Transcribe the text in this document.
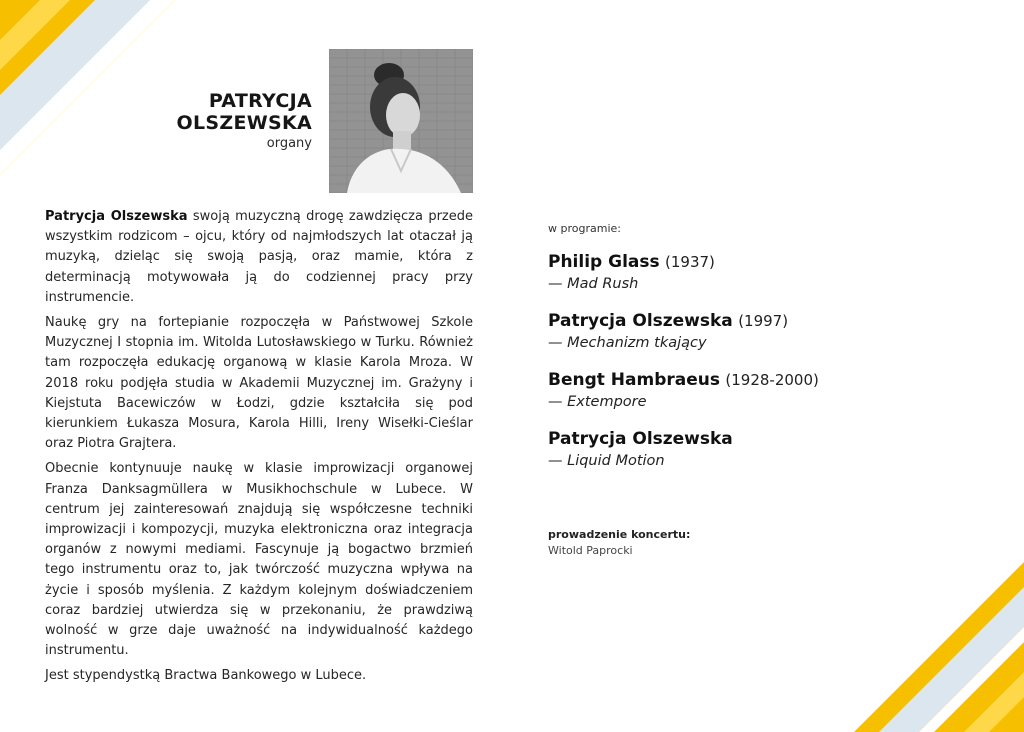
PATRYCJA
OLSZEWSKA
organy

Patrycja Olszewska swoją muzyczną drogę zawdzięcza przede wszystkim rodzicom – ojcu, który od najmłodszych lat otaczał ją muzyką, dzieląc się swoją pasją, oraz mamie, która z determinacją motywowała ją do codziennej pracy przy instrumencie.

Naukę gry na fortepianie rozpoczęła w Państwowej Szkole Muzycznej I stopnia im. Witolda Lutosławskiego w Turku. Również tam rozpoczęła edukację organową w klasie Karola Mroza. W 2018 roku podjęła studia w Akademii Muzycznej im. Grażyny i Kiejstuta Bacewiczów w Łodzi, gdzie kształciła się pod kierunkiem Łukasza Mosura, Karola Hilli, Ireny Wisełki-Cieślar oraz Piotra Grajtera.

Obecnie kontynuuje naukę w klasie improwizacji organowej Franza Danksagmüllera w Musikhochschule w Lubece. W centrum jej zainteresowań znajdują się współczesne techniki improwizacji i kompozycji, muzyka elektroniczna oraz integracja organów z nowymi mediami. Fascynuje ją bogactwo brzmień tego instrumentu oraz to, jak twórczość muzyczna wpływa na życie i sposób myślenia. Z każdym kolejnym doświadczeniem coraz bardziej utwierdza się w przekonaniu, że prawdziwą wolność w grze daje uważność na indywidualność każdego instrumentu.

Jest stypendystką Bractwa Bankowego w Lubece.

w programie:
Philip Glass (1937)
— Mad Rush
Patrycja Olszewska (1997)
— Mechanizm tkający
Bengt Hambraeus (1928-2000)
— Extempore
Patrycja Olszewska
— Liquid Motion
prowadzenie koncertu:
Witold Paprocki
